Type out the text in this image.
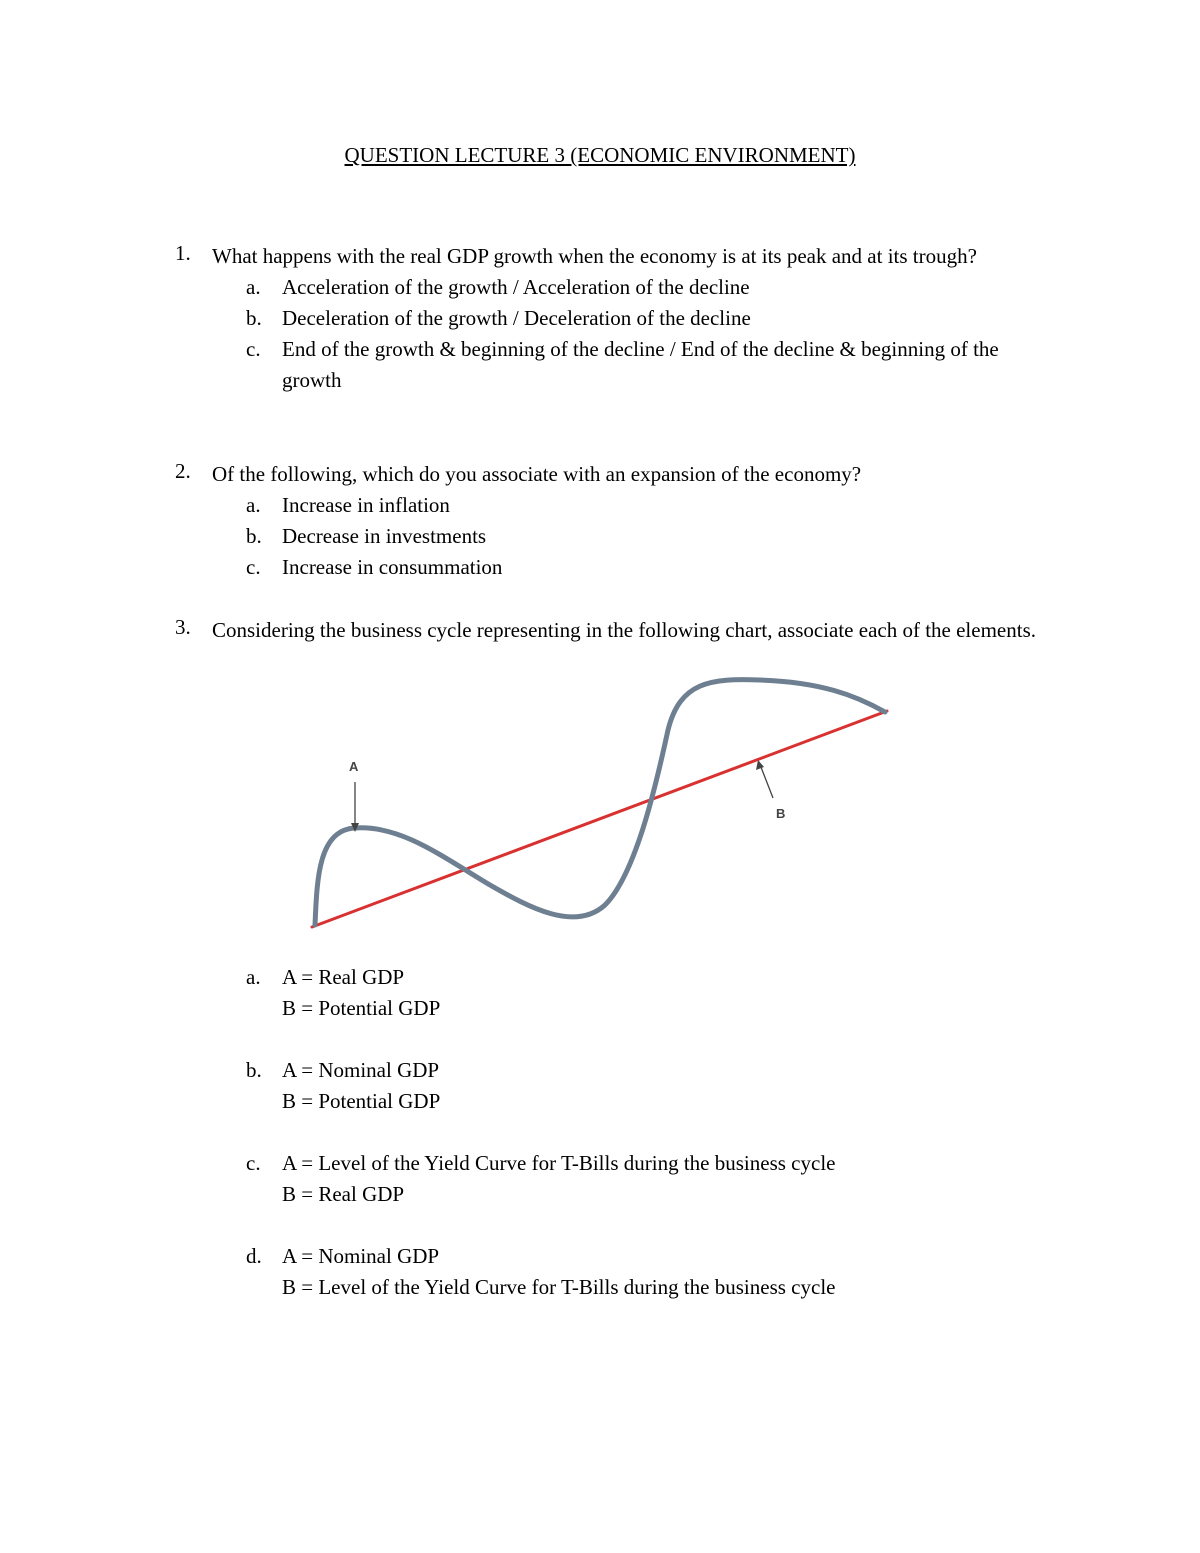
QUESTION LECTURE 3 (ECONOMIC ENVIRONMENT)
1. What happens with the real GDP growth when the economy is at its peak and at its trough?
a. Acceleration of the growth / Acceleration of the decline
b. Deceleration of the growth / Deceleration of the decline
c. End of the growth & beginning of the decline / End of the decline & beginning of the growth
2. Of the following, which do you associate with an expansion of the economy?
a. Increase in inflation
b. Decrease in investments
c. Increase in consummation
3. Considering the business cycle representing in the following chart, associate each of the elements.
A
B
a. A = Real GDP
B = Potential GDP
b. A = Nominal GDP
B = Potential GDP
c. A = Level of the Yield Curve for T-Bills during the business cycle
B = Real GDP
d. A = Nominal GDP
B = Level of the Yield Curve for T-Bills during the business cycle
